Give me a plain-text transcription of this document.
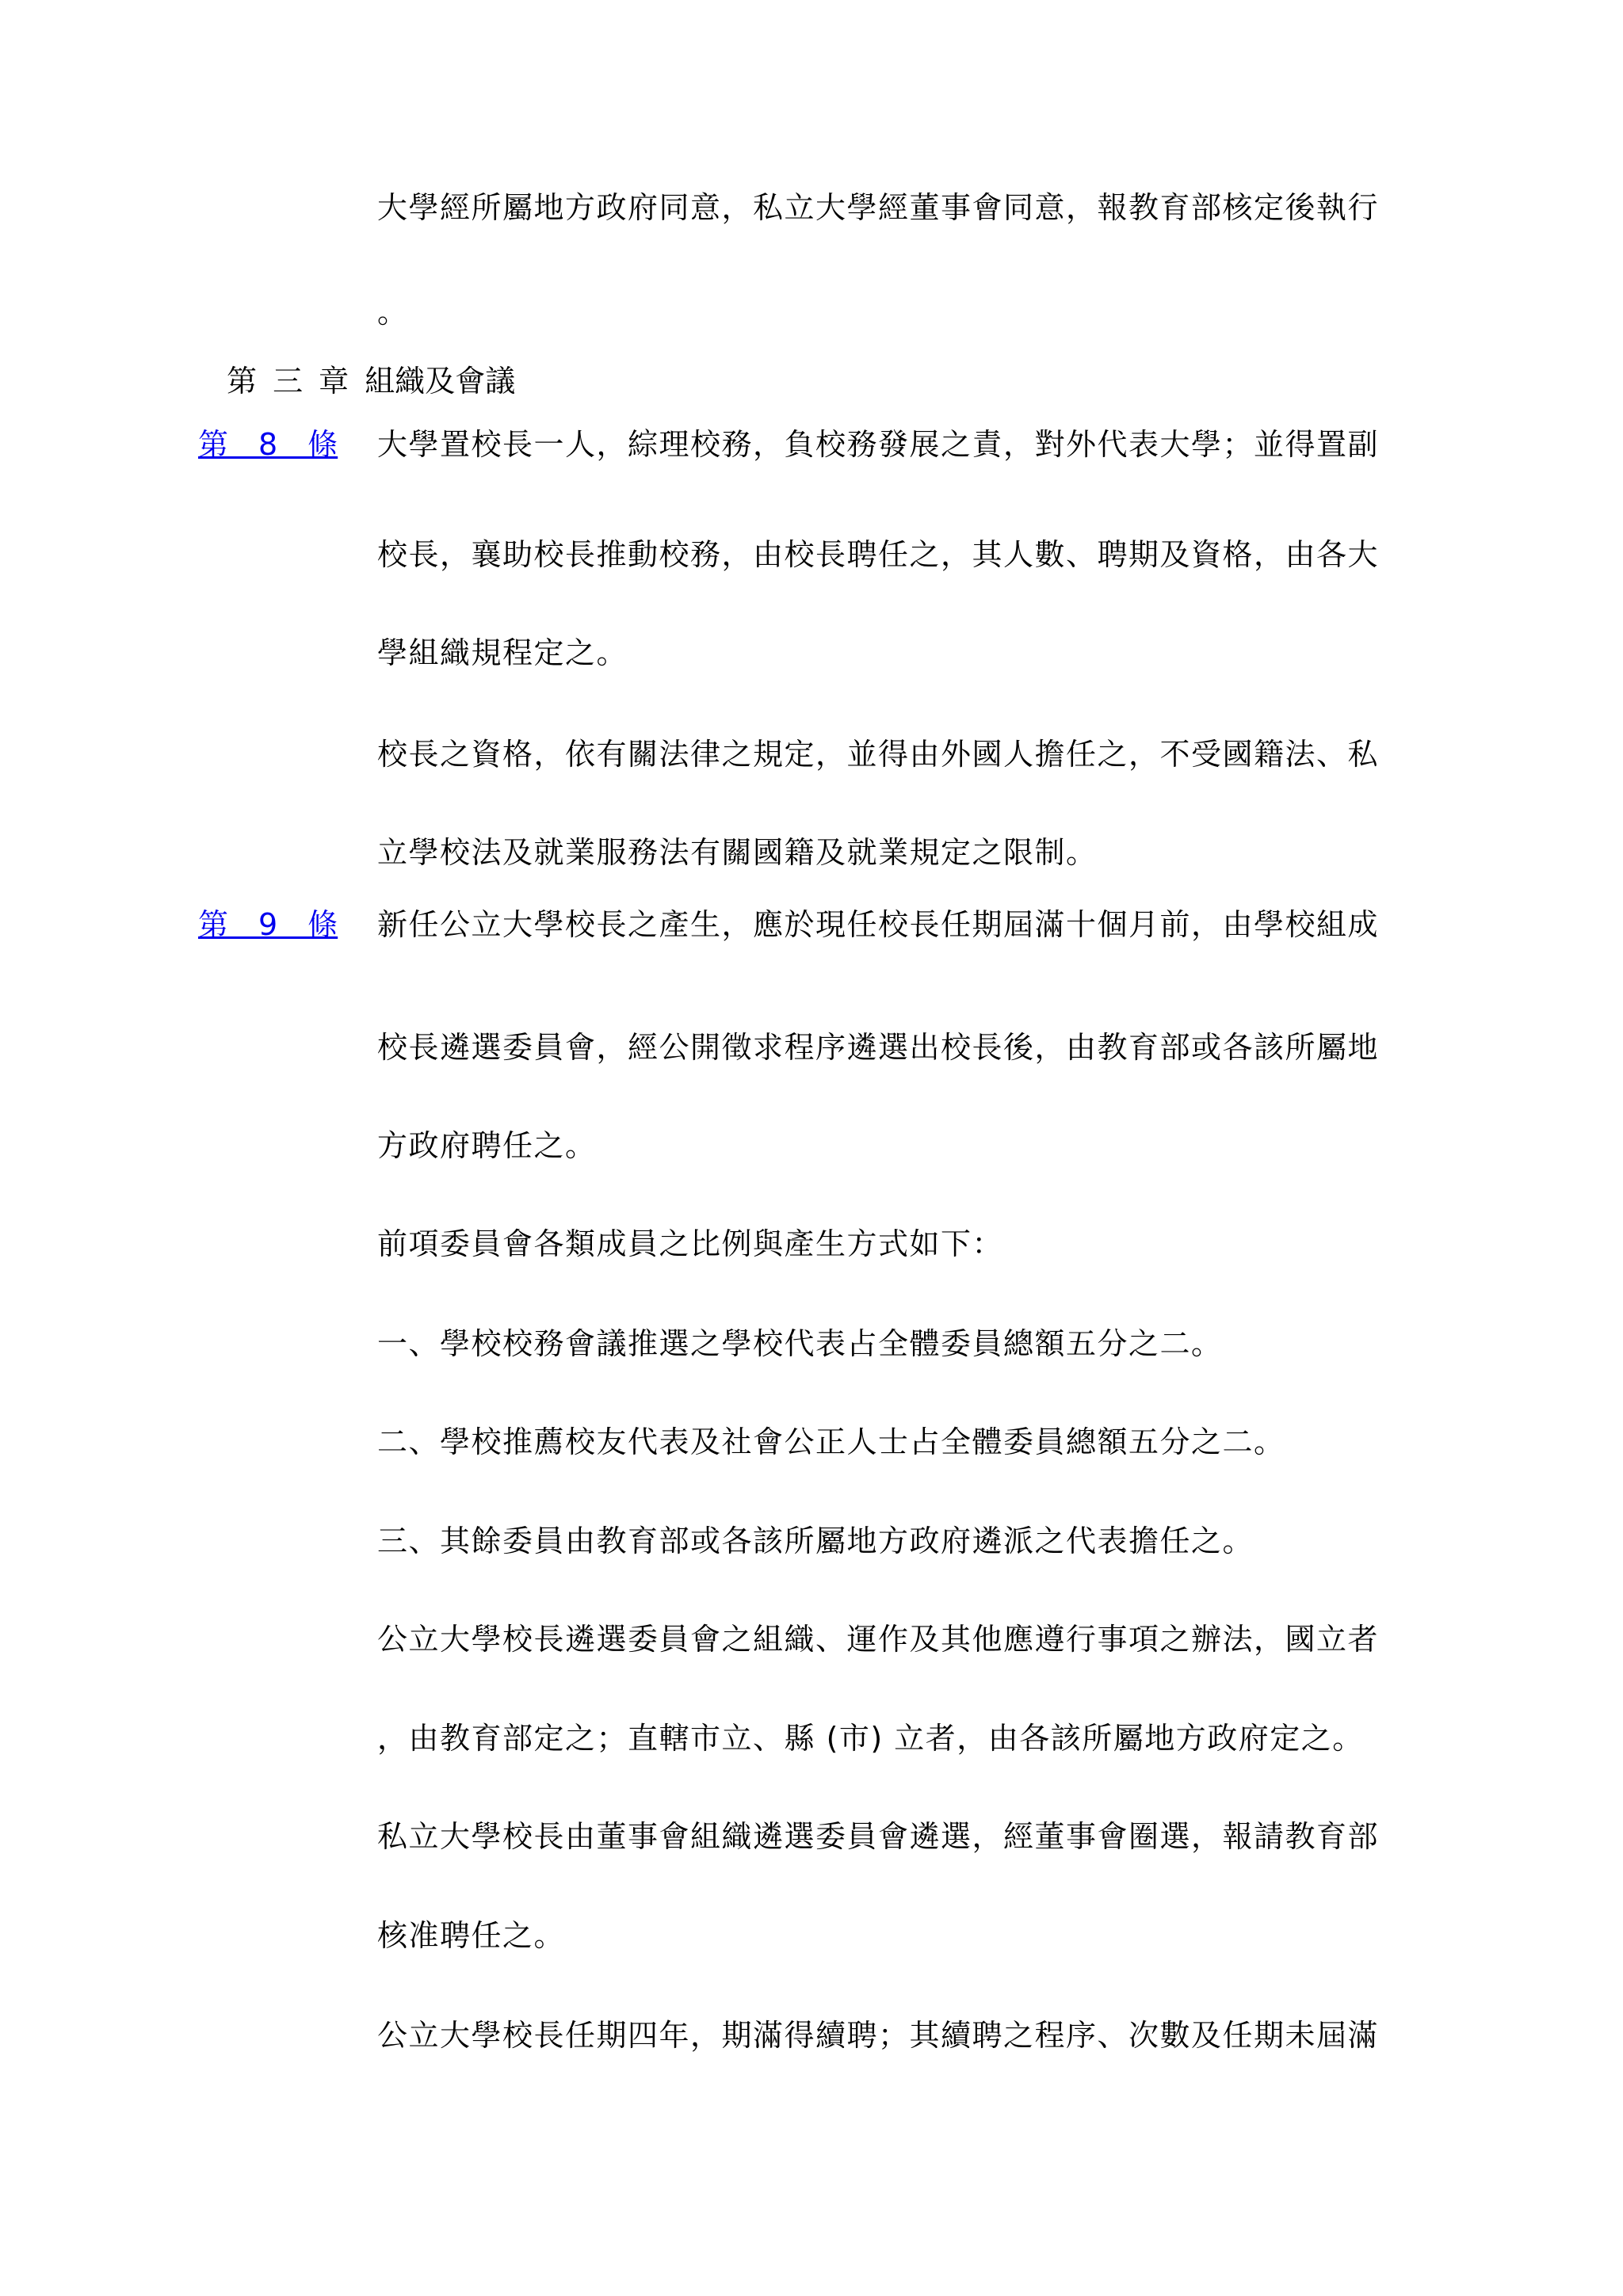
大學經所屬地方政府同意，私立大學經董事會同意，報教育部核定後執行
。
第 三 章 組織及會議
第　8　條 大學置校長一人，綜理校務，負校務發展之責，對外代表大學；並得置副
校長，襄助校長推動校務，由校長聘任之，其人數、聘期及資格，由各大
學組織規程定之。
校長之資格，依有關法律之規定，並得由外國人擔任之，不受國籍法、私
立學校法及就業服務法有關國籍及就業規定之限制。
第　9　條 新任公立大學校長之產生，應於現任校長任期屆滿十個月前，由學校組成
校長遴選委員會，經公開徵求程序遴選出校長後，由教育部或各該所屬地
方政府聘任之。
前項委員會各類成員之比例與產生方式如下：
一、學校校務會議推選之學校代表占全體委員總額五分之二。
二、學校推薦校友代表及社會公正人士占全體委員總額五分之二。
三、其餘委員由教育部或各該所屬地方政府遴派之代表擔任之。
公立大學校長遴選委員會之組織、運作及其他應遵行事項之辦法，國立者
，由教育部定之；直轄市立、縣 (市) 立者，由各該所屬地方政府定之。
私立大學校長由董事會組織遴選委員會遴選，經董事會圈選，報請教育部
核准聘任之。
公立大學校長任期四年，期滿得續聘；其續聘之程序、次數及任期未屆滿
